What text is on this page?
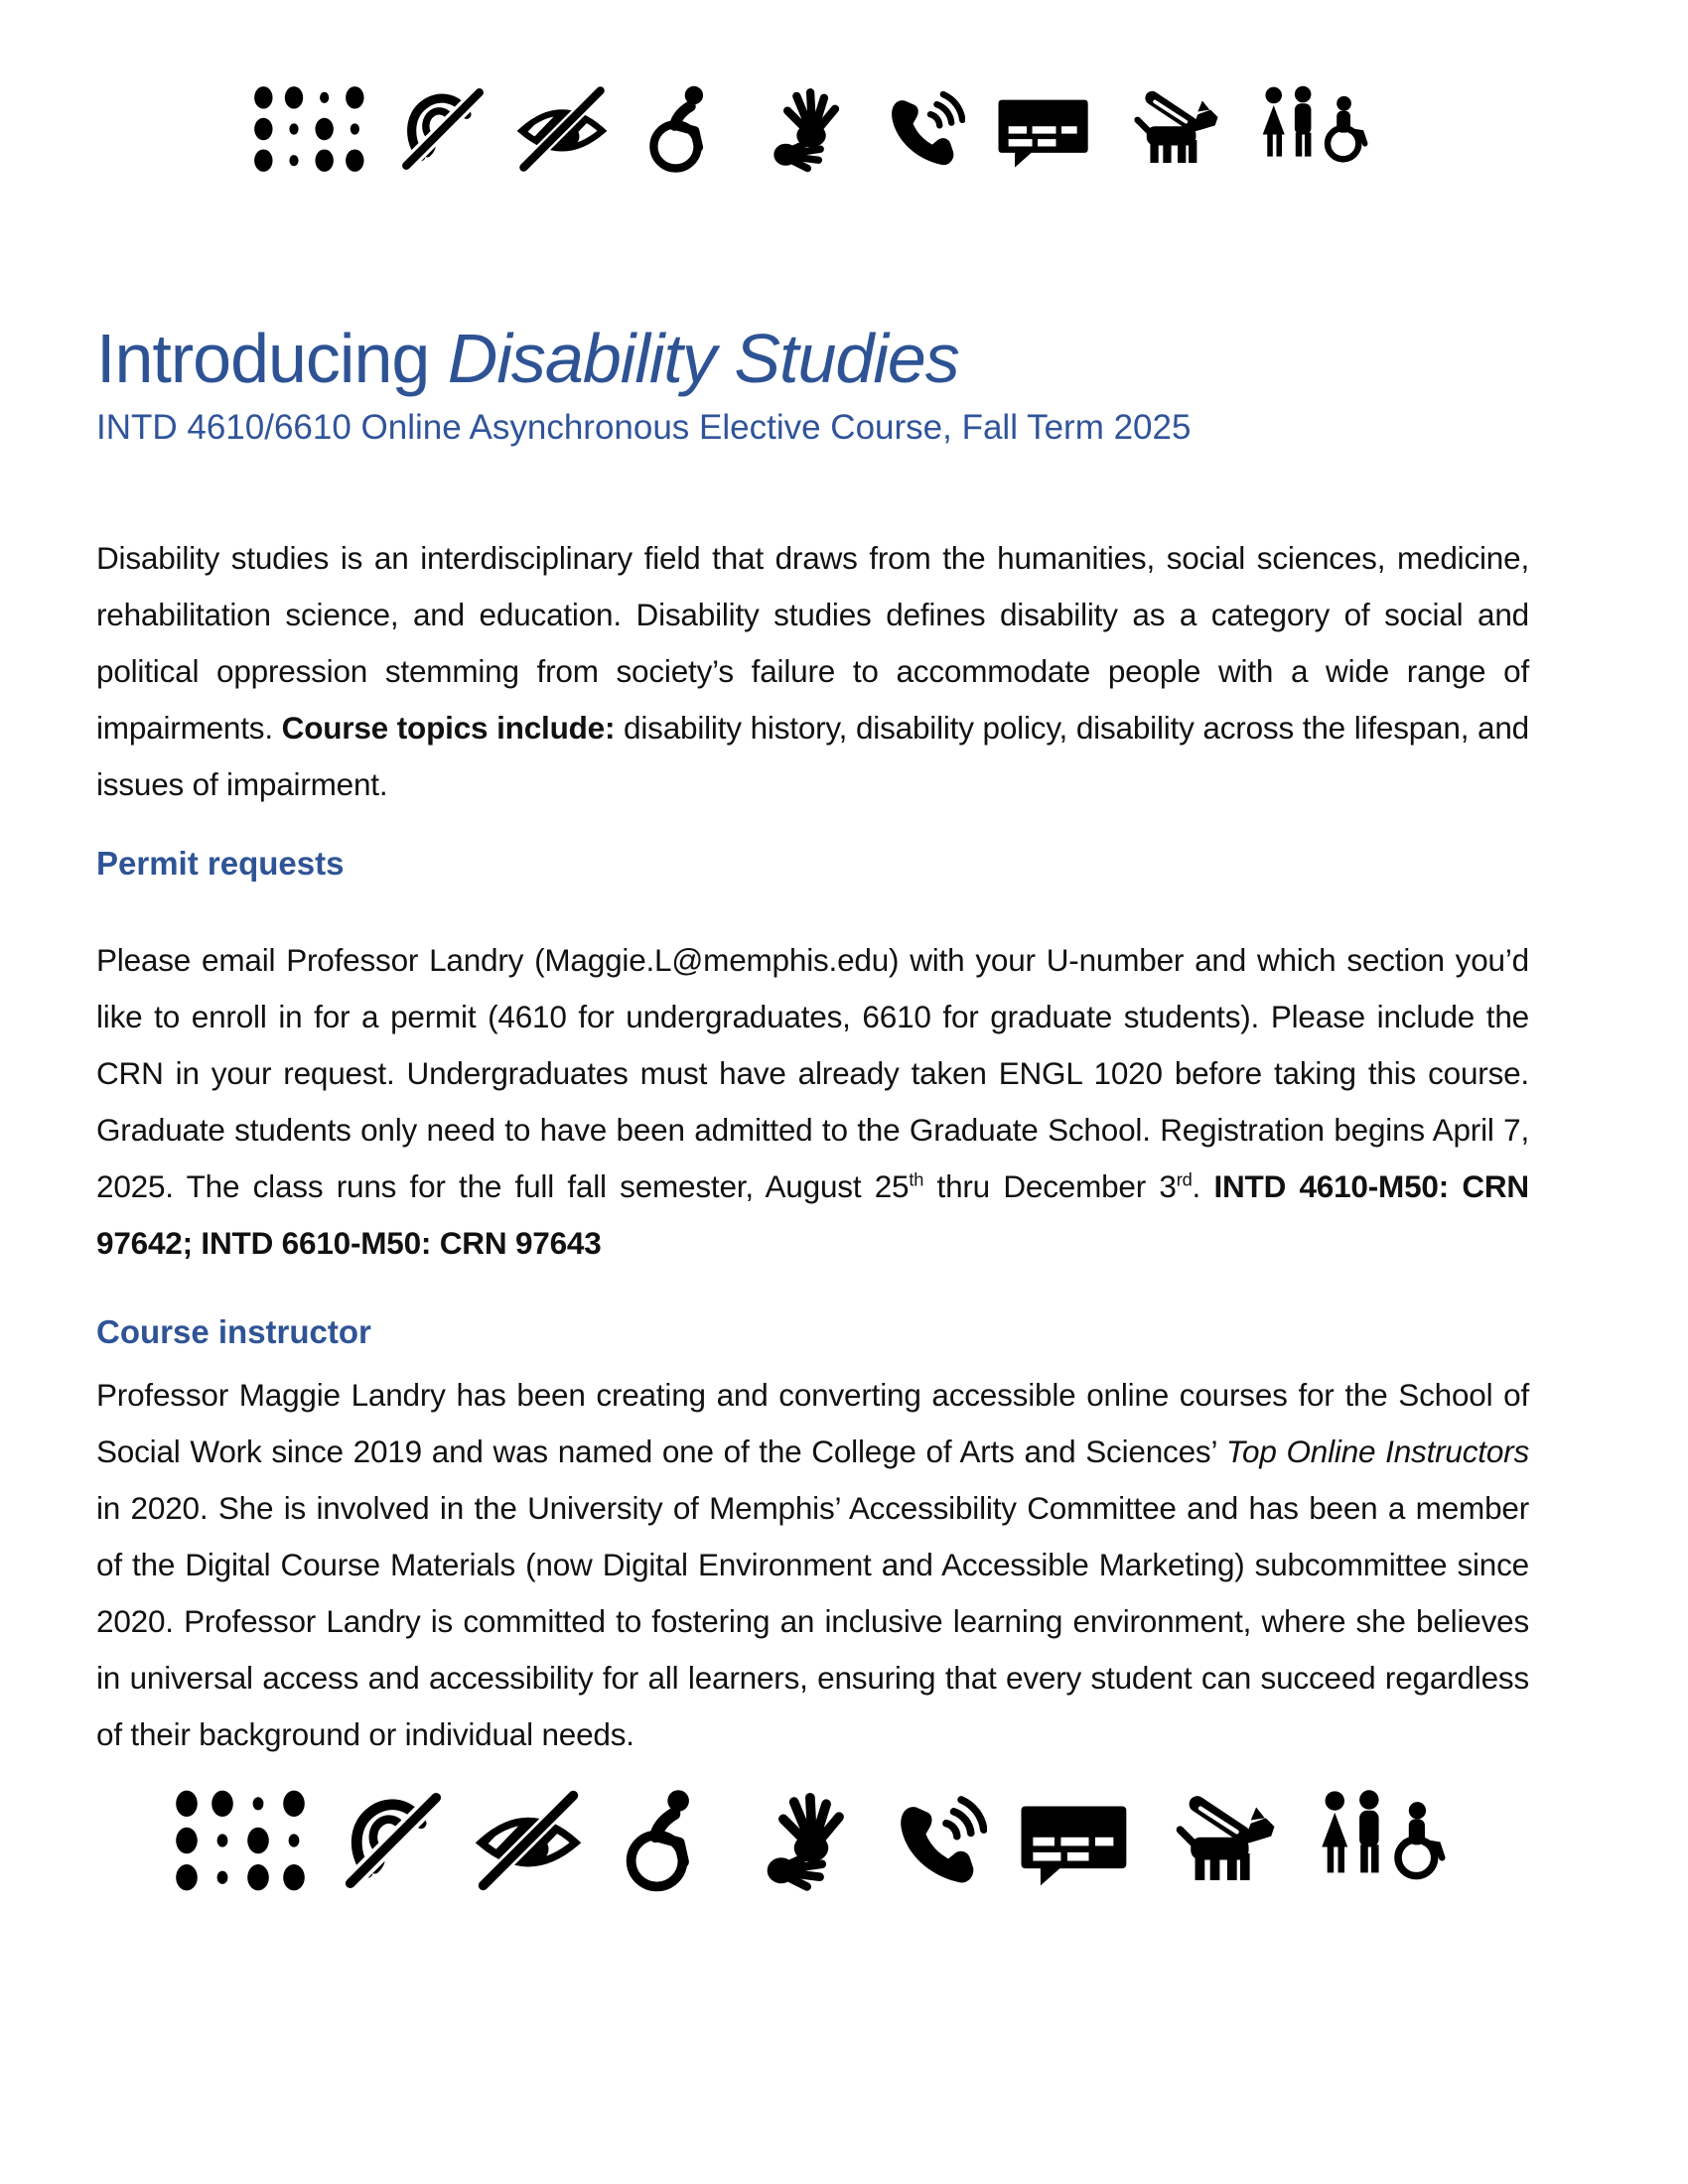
Introducing Disability Studies

INTD 4610/6610 Online Asynchronous Elective Course, Fall Term 2025

Disability studies is an interdisciplinary field that draws from the humanities, social sciences, medicine, rehabilitation science, and education. Disability studies defines disability as a category of social and political oppression stemming from society’s failure to accommodate people with a wide range of impairments. Course topics include: disability history, disability policy, disability across the lifespan, and issues of impairment.

Permit requests

Please email Professor Landry (Maggie.L@memphis.edu) with your U-number and which section you’d like to enroll in for a permit (4610 for undergraduates, 6610 for graduate students). Please include the CRN in your request. Undergraduates must have already taken ENGL 1020 before taking this course. Graduate students only need to have been admitted to the Graduate School. Registration begins April 7, 2025. The class runs for the full fall semester, August 25th thru December 3rd. INTD 4610-M50: CRN 97642; INTD 6610-M50: CRN 97643

Course instructor

Professor Maggie Landry has been creating and converting accessible online courses for the School of Social Work since 2019 and was named one of the College of Arts and Sciences’ Top Online Instructors in 2020. She is involved in the University of Memphis’ Accessibility Committee and has been a member of the Digital Course Materials (now Digital Environment and Accessible Marketing) subcommittee since 2020. Professor Landry is committed to fostering an inclusive learning environment, where she believes in universal access and accessibility for all learners, ensuring that every student can succeed regardless of their background or individual needs.
